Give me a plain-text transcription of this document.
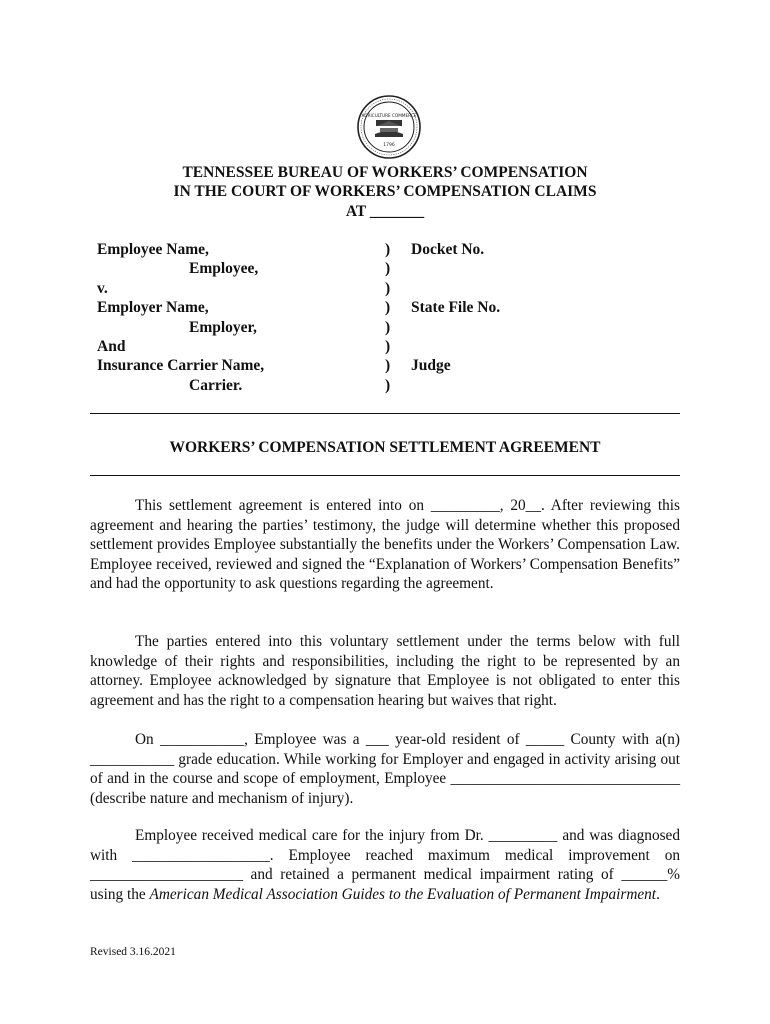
AGRICULTURE COMMERCE
1796
TENNESSEE BUREAU OF WORKERS’ COMPENSATION
IN THE COURT OF WORKERS’ COMPENSATION CLAIMS
AT _______
Employee Name,
Employee,
v.
Employer Name,
Employer,
And
Insurance Carrier Name,
Carrier.
)
)
)
)
)
)
)
)
Docket No.

State File No.

Judge
WORKERS’ COMPENSATION SETTLEMENT AGREEMENT
This settlement agreement is entered into on _________, 20__. After reviewing this agreement and hearing the parties’ testimony, the judge will determine whether this proposed settlement provides Employee substantially the benefits under the Workers’ Compensation Law. Employee received, reviewed and signed the “Explanation of Workers’ Compensation Benefits” and had the opportunity to ask questions regarding the agreement.
The parties entered into this voluntary settlement under the terms below with full knowledge of their rights and responsibilities, including the right to be represented by an attorney. Employee acknowledged by signature that Employee is not obligated to enter this agreement and has the right to a compensation hearing but waives that right.
On ___________, Employee was a ___ year-old resident of _____ County with a(n) ___________ grade education. While working for Employer and engaged in activity arising out of and in the course and scope of employment, Employee ______________________________ (describe nature and mechanism of injury).
Employee received medical care for the injury from Dr. _________ and was diagnosed with __________________. Employee reached maximum medical improvement on ____________________ and retained a permanent medical impairment rating of ______% using the American Medical Association Guides to the Evaluation of Permanent Impairment.
Revised 3.16.2021
